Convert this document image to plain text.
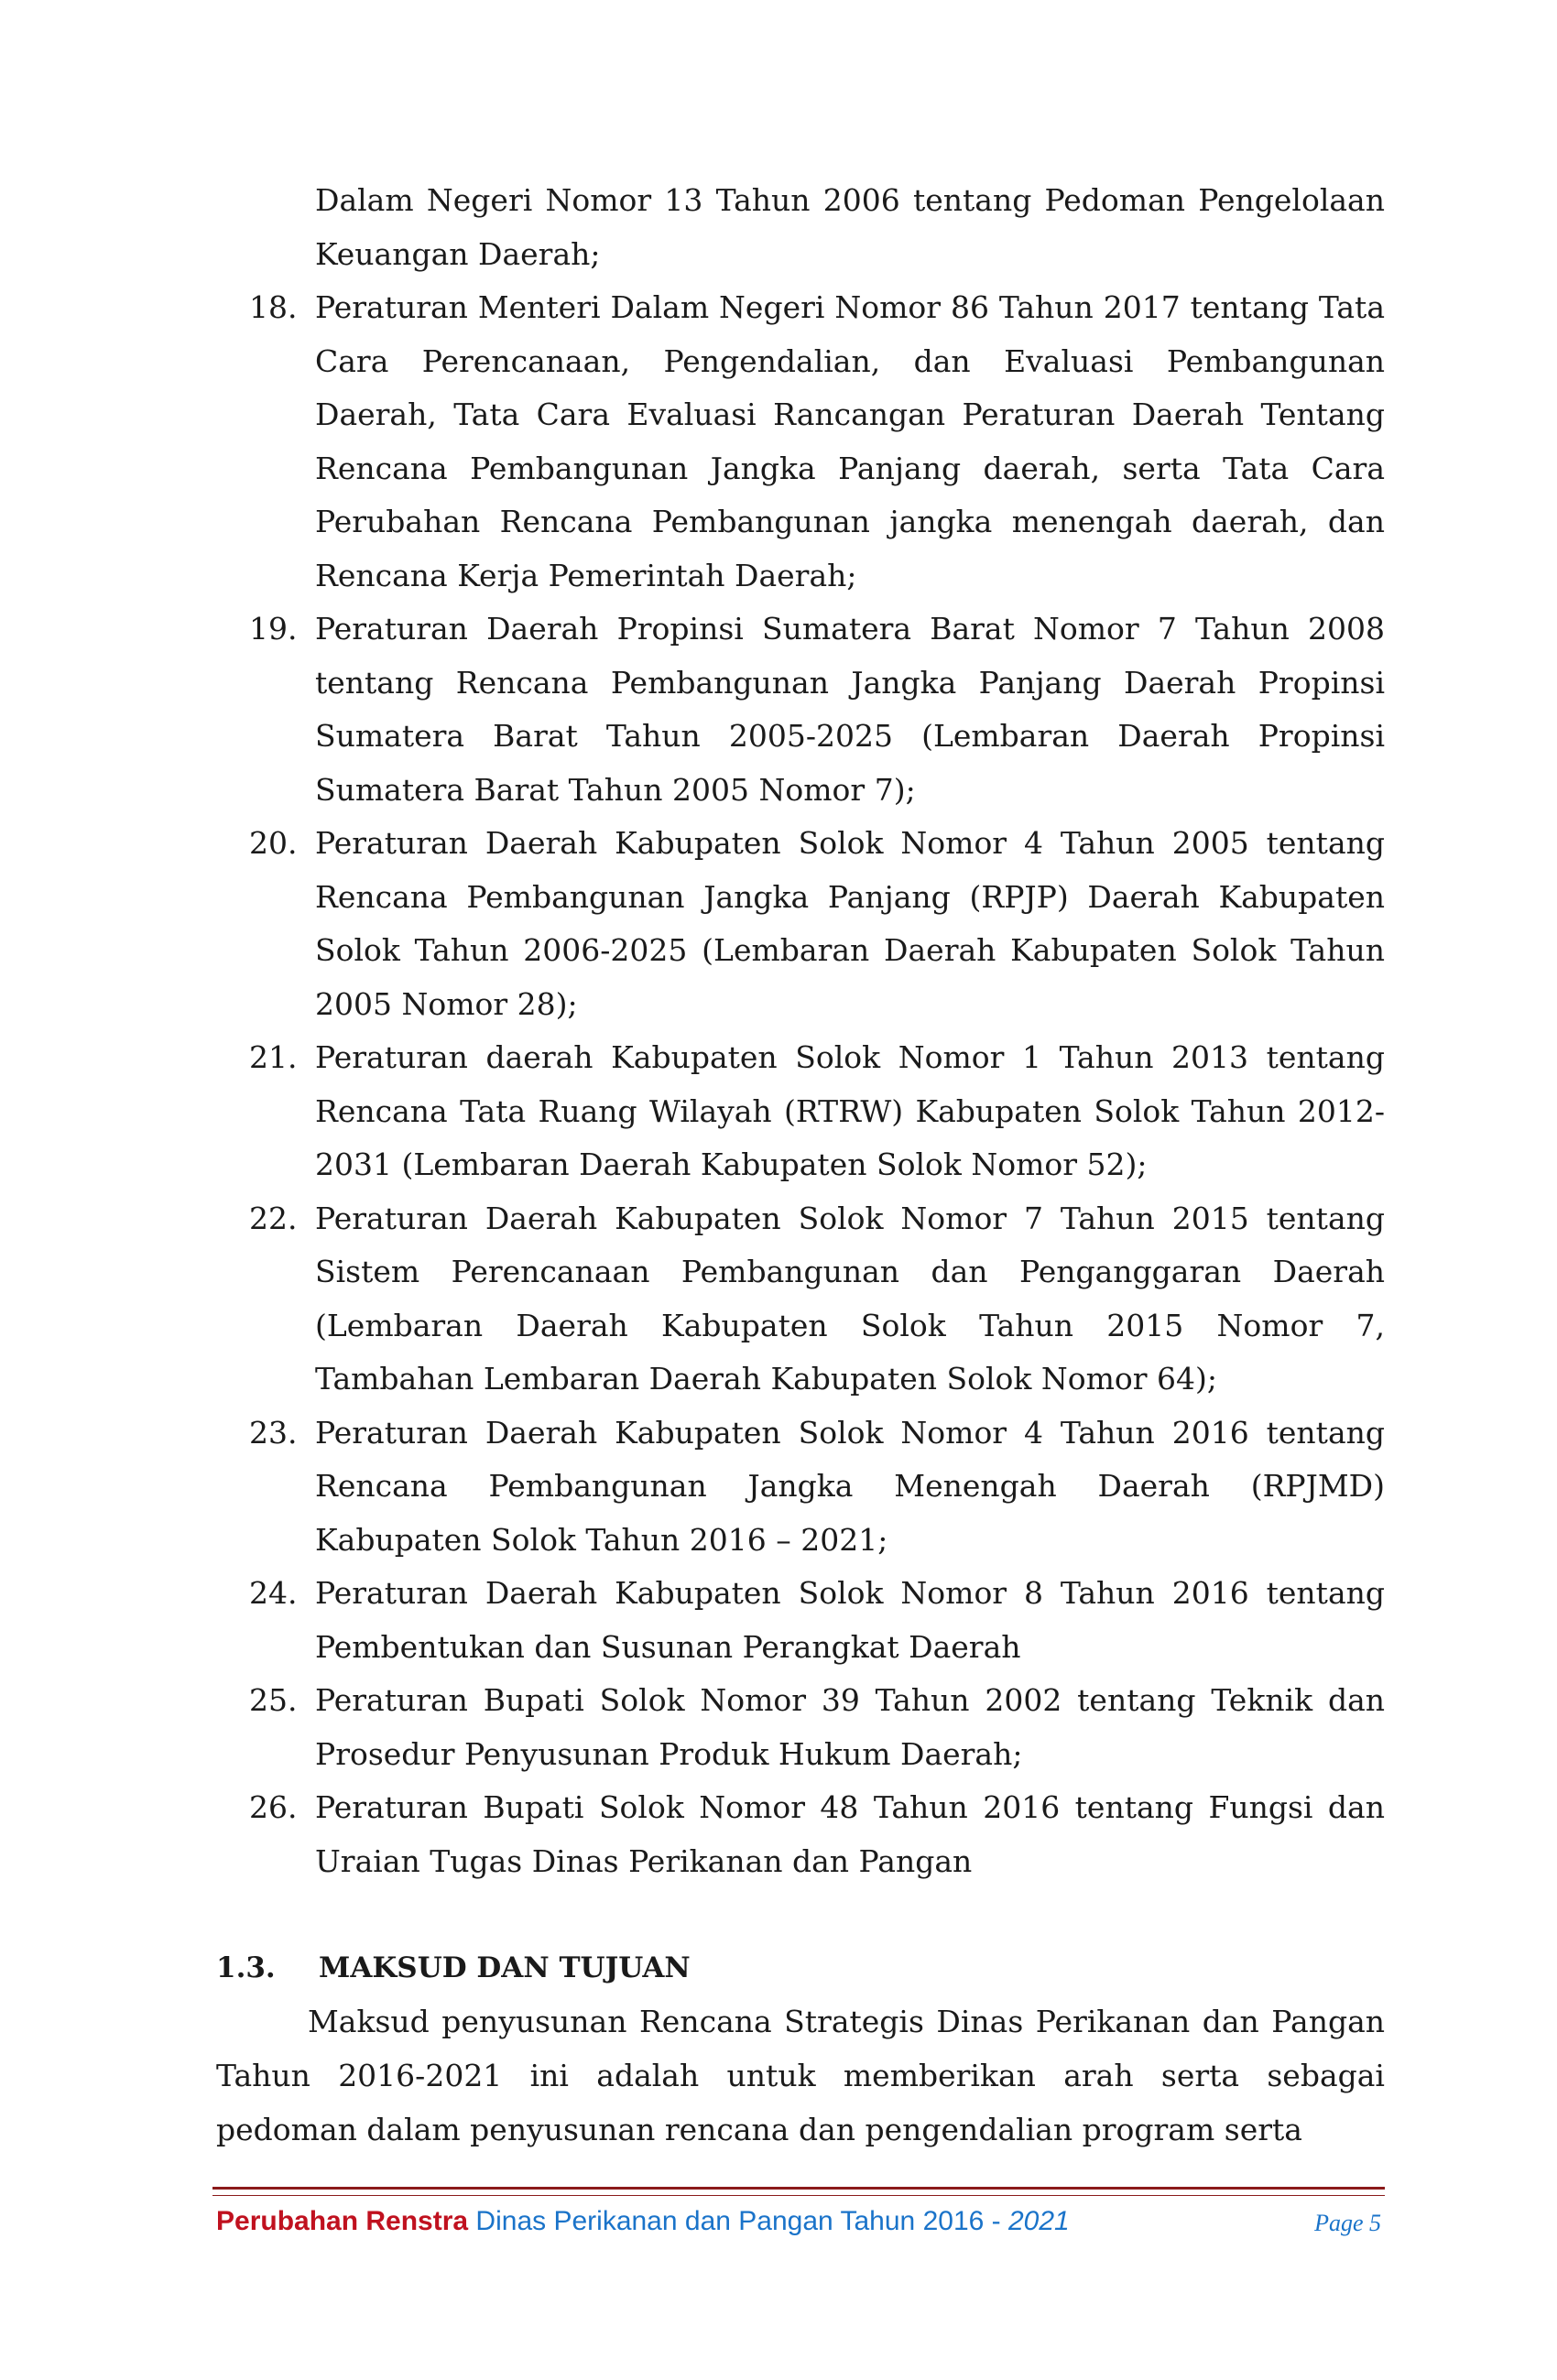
Dalam Negeri Nomor 13 Tahun 2006 tentang Pedoman Pengelolaan Keuangan Daerah;
18. Peraturan Menteri Dalam Negeri Nomor 86 Tahun 2017 tentang Tata Cara Perencanaan, Pengendalian, dan Evaluasi Pembangunan Daerah, Tata Cara Evaluasi Rancangan Peraturan Daerah Tentang Rencana Pembangunan Jangka Panjang daerah, serta Tata Cara Perubahan Rencana Pembangunan jangka menengah daerah, dan Rencana Kerja Pemerintah Daerah;
19. Peraturan Daerah Propinsi Sumatera Barat Nomor 7 Tahun 2008 tentang Rencana Pembangunan Jangka Panjang Daerah Propinsi Sumatera Barat Tahun 2005-2025 (Lembaran Daerah Propinsi Sumatera Barat Tahun 2005 Nomor 7);
20. Peraturan Daerah Kabupaten Solok Nomor 4 Tahun 2005 tentang Rencana Pembangunan Jangka Panjang (RPJP) Daerah Kabupaten Solok Tahun 2006-2025 (Lembaran Daerah Kabupaten Solok Tahun 2005 Nomor 28);
21. Peraturan daerah Kabupaten Solok Nomor 1 Tahun 2013 tentang Rencana Tata Ruang Wilayah (RTRW) Kabupaten Solok Tahun 2012-2031 (Lembaran Daerah Kabupaten Solok Nomor 52);
22. Peraturan Daerah Kabupaten Solok Nomor 7 Tahun 2015 tentang Sistem Perencanaan Pembangunan dan Penganggaran Daerah (Lembaran Daerah Kabupaten Solok Tahun 2015 Nomor 7, Tambahan Lembaran Daerah Kabupaten Solok Nomor 64);
23. Peraturan Daerah Kabupaten Solok Nomor 4 Tahun 2016 tentang Rencana Pembangunan Jangka Menengah Daerah (RPJMD) Kabupaten Solok Tahun 2016 – 2021;
24. Peraturan Daerah Kabupaten Solok Nomor 8 Tahun 2016 tentang Pembentukan dan Susunan Perangkat Daerah
25. Peraturan Bupati Solok Nomor 39 Tahun 2002 tentang Teknik dan Prosedur Penyusunan Produk Hukum Daerah;
26. Peraturan Bupati Solok Nomor 48 Tahun 2016 tentang Fungsi dan Uraian Tugas Dinas Perikanan dan Pangan
1.3.	MAKSUD DAN TUJUAN
Maksud penyusunan Rencana Strategis Dinas Perikanan dan Pangan Tahun 2016-2021 ini adalah untuk memberikan arah serta sebagai pedoman dalam penyusunan rencana dan pengendalian program serta
Perubahan Renstra Dinas Perikanan dan Pangan Tahun 2016 - 2021	Page 5
